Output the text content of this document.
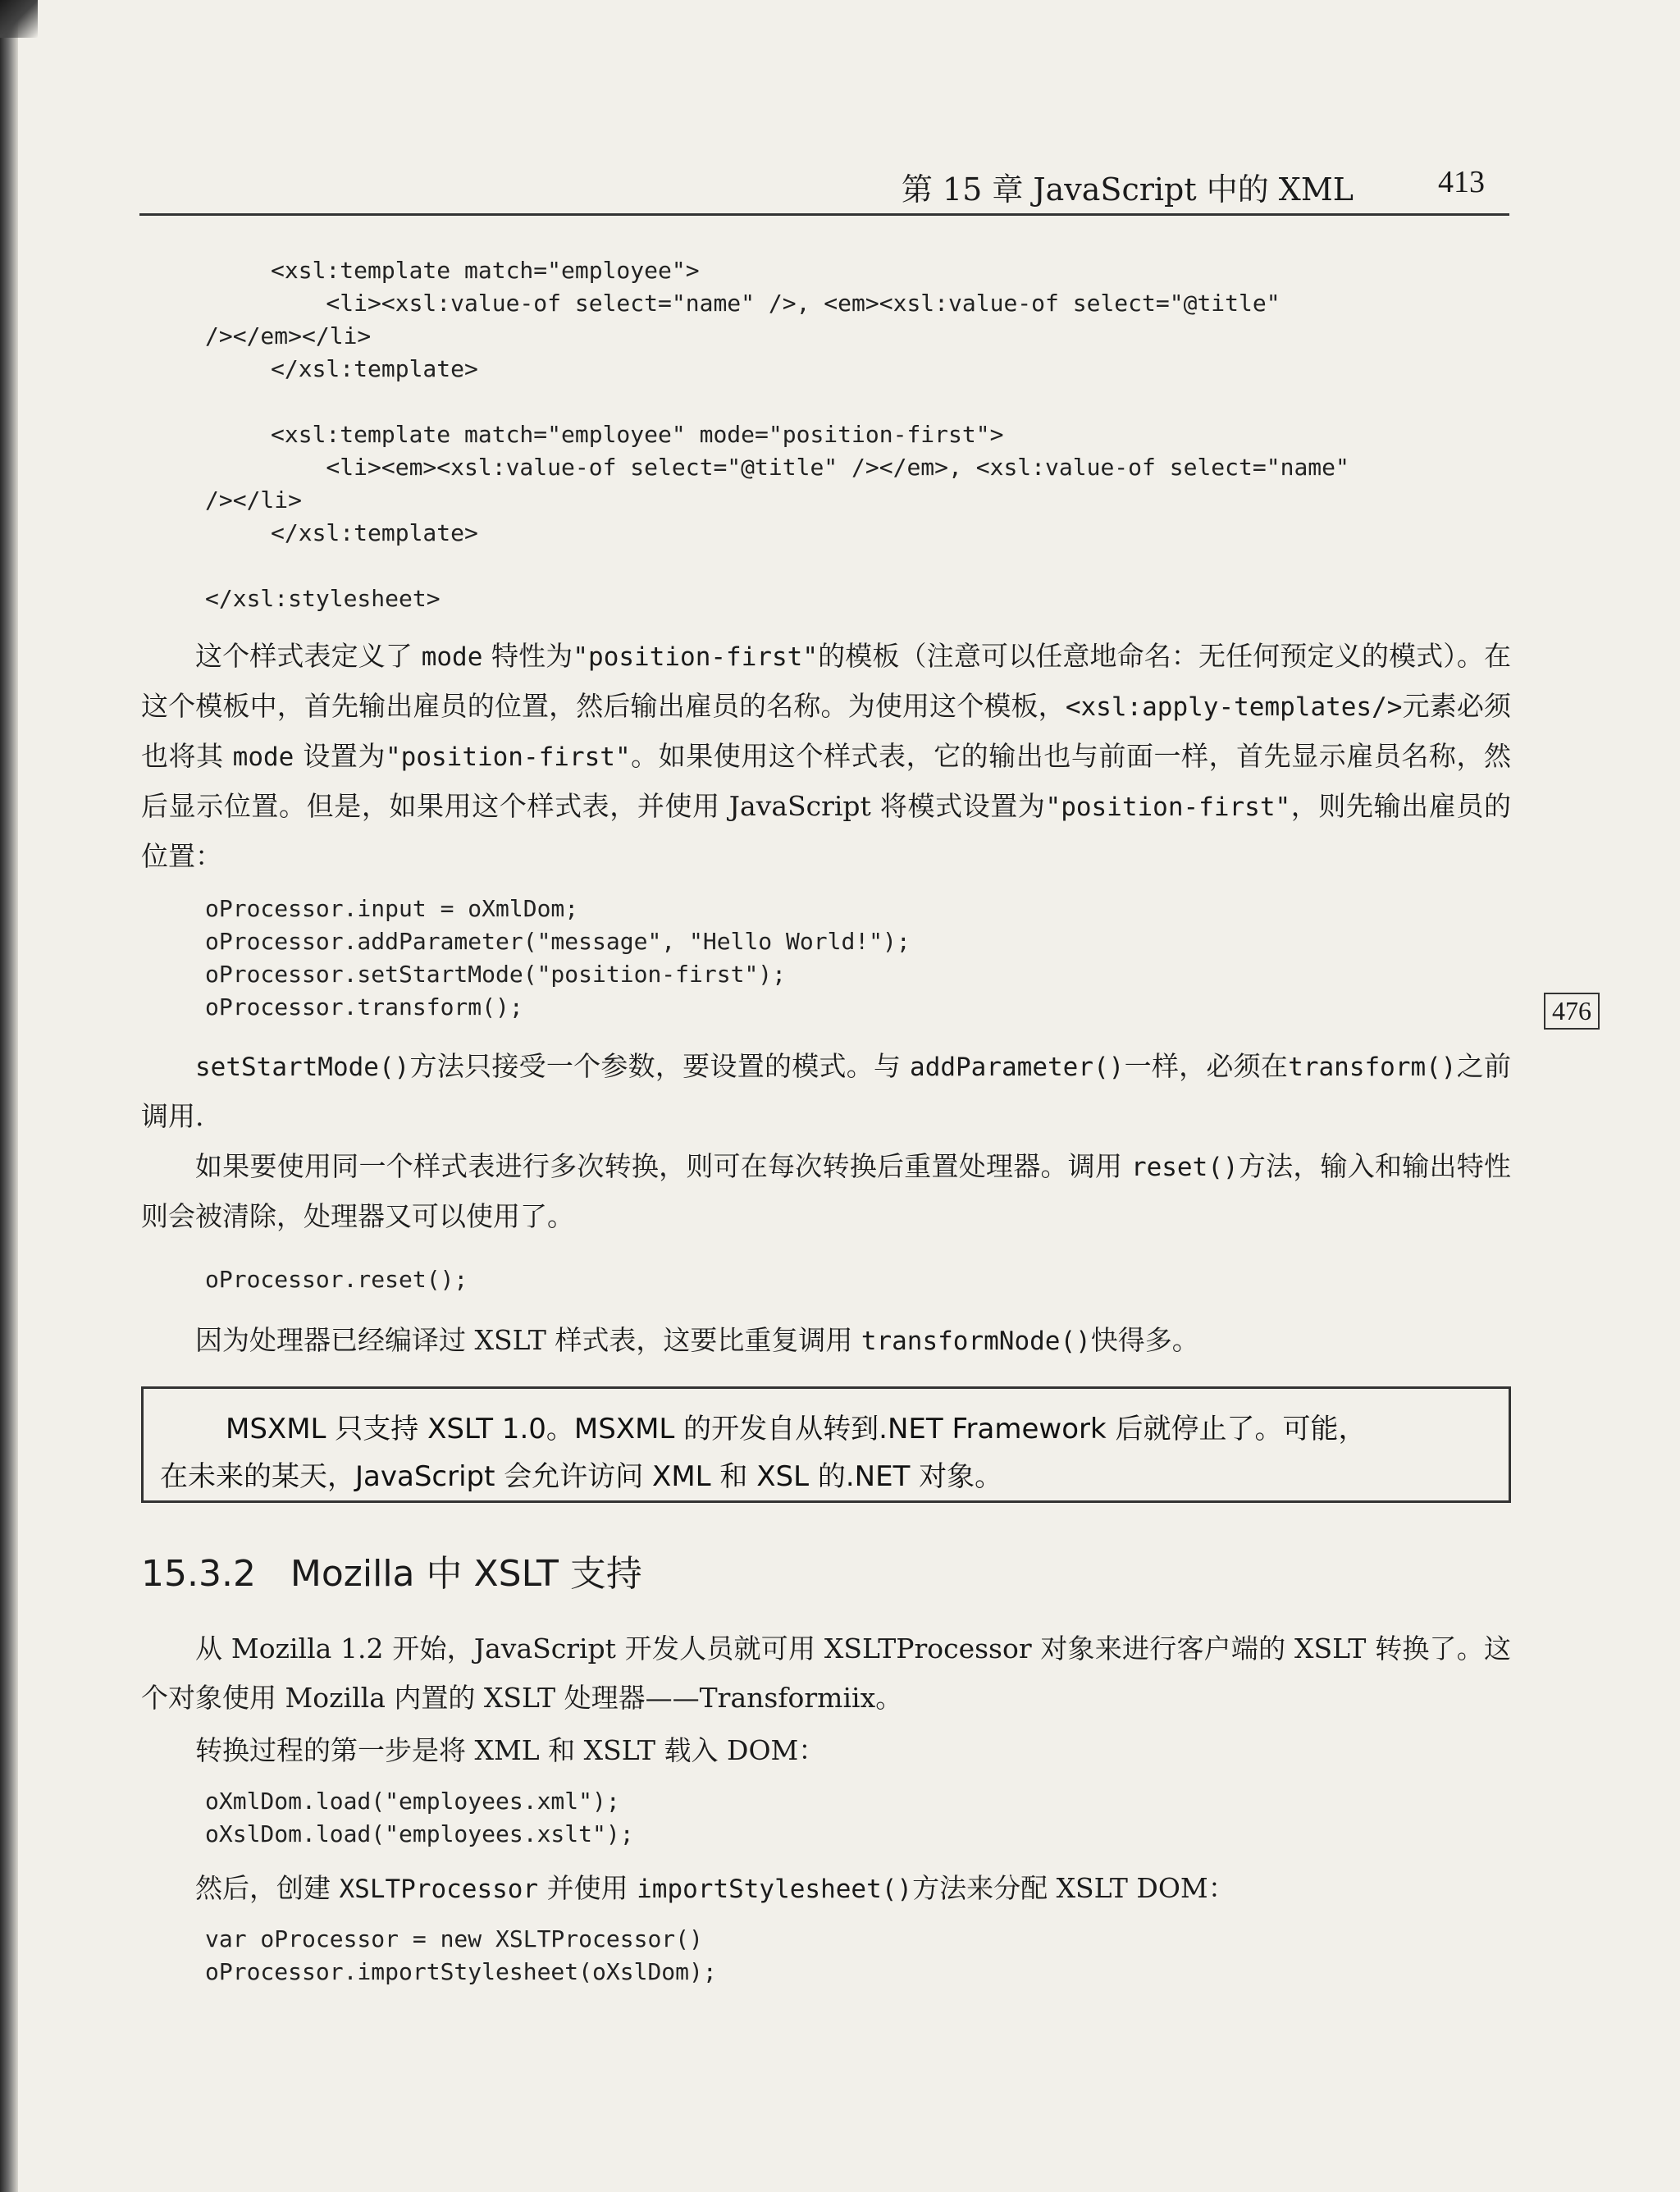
第 15 章 JavaScript 中的 XML	413
<xsl:template match="employee">
<li><xsl:value-of select="name" />, <em><xsl:value-of select="@title"
/></em></li>
</xsl:template>
<xsl:template match="employee" mode="position-first">
<li><em><xsl:value-of select="@title" /></em>, <xsl:value-of select="name"
/></li>
</xsl:template>
</xsl:stylesheet>
这个样式表定义了 mode 特性为"position-first"的模板（注意可以任意地命名：无任何预定义的模式）。在这个模板中，首先输出雇员的位置，然后输出雇员的名称。为使用这个模板，<xsl:apply-templates/>元素必须也将其 mode 设置为"position-first"。如果使用这个样式表，它的输出也与前面一样，首先显示雇员名称，然后显示位置。但是，如果用这个样式表，并使用 JavaScript 将模式设置为"position-first"，则先输出雇员的位置：
oProcessor.input = oXmlDom;
oProcessor.addParameter("message", "Hello World!");
oProcessor.setStartMode("position-first");
oProcessor.transform();	476
setStartMode()方法只接受一个参数，要设置的模式。与 addParameter()一样，必须在transform()之前调用.
如果要使用同一个样式表进行多次转换，则可在每次转换后重置处理器。调用 reset()方法，输入和输出特性则会被清除，处理器又可以使用了。
oProcessor.reset();
因为处理器已经编译过 XSLT 样式表，这要比重复调用 transformNode()快得多。
MSXML 只支持 XSLT 1.0。MSXML 的开发自从转到.NET Framework 后就停止了。可能，
在未来的某天，JavaScript 会允许访问 XML 和 XSL 的.NET 对象。
15.3.2   Mozilla 中 XSLT 支持
从 Mozilla 1.2 开始，JavaScript 开发人员就可用 XSLTProcessor 对象来进行客户端的 XSLT 转换了。这个对象使用 Mozilla 内置的 XSLT 处理器——Transformiix。
转换过程的第一步是将 XML 和 XSLT 载入 DOM：
oXmlDom.load("employees.xml");
oXslDom.load("employees.xslt");
然后，创建 XSLTProcessor 并使用 importStylesheet()方法来分配 XSLT DOM：
var oProcessor = new XSLTProcessor()
oProcessor.importStylesheet(oXslDom);
